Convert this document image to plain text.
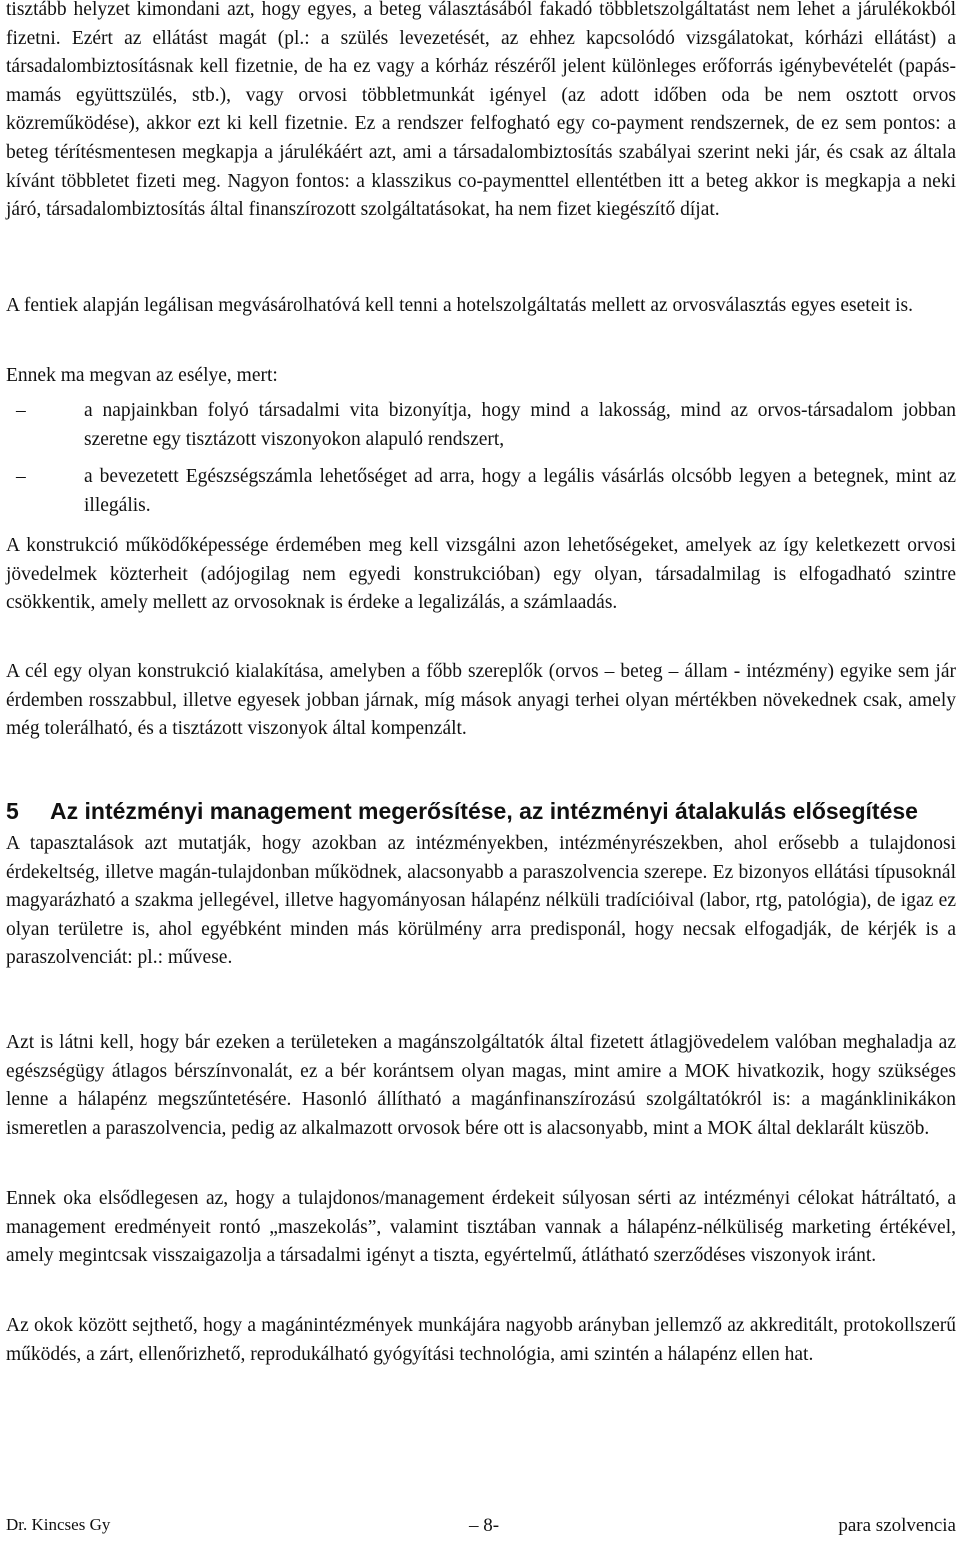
tisztább helyzet kimondani azt, hogy egyes, a beteg választásából fakadó többletszolgáltatást nem lehet a járulékokból fizetni. Ezért az ellátást magát (pl.: a szülés levezetését, az ehhez kapcsolódó vizsgálatokat, kórházi ellátást) a társadalombiztosításnak kell fizetnie, de ha ez vagy a kórház részéről jelent különleges erőforrás igénybevételét (papás-mamás együttszülés, stb.), vagy orvosi többletmunkát igényel (az adott időben oda be nem osztott orvos közreműködése), akkor ezt ki kell fizetnie. Ez a rendszer felfogható egy co-payment rendszernek, de ez sem pontos: a beteg térítésmentesen megkapja a járulékáért azt, ami a társadalombiztosítás szabályai szerint neki jár, és csak az általa kívánt többletet fizeti meg. Nagyon fontos: a klasszikus co-paymenttel ellentétben itt a beteg akkor is megkapja a neki járó, társadalombiztosítás által finanszírozott szolgáltatásokat, ha nem fizet kiegészítő díjat.

A fentiek alapján legálisan megvásárolhatóvá kell tenni a hotelszolgáltatás mellett az orvosválasztás egyes eseteit is.

Ennek ma megvan az esélye, mert:

–	a napjainkban folyó társadalmi vita bizonyítja, hogy mind a lakosság, mind az orvos-társadalom jobban szeretne egy tisztázott viszonyokon alapuló rendszert,
–	a bevezetett Egészségszámla lehetőséget ad arra, hogy a legális vásárlás olcsóbb legyen a betegnek, mint az illegális.

A konstrukció működőképessége érdemében meg kell vizsgálni azon lehetőségeket, amelyek az így keletkezett orvosi jövedelmek közterheit (adójogilag nem egyedi konstrukcióban) egy olyan, társadalmilag is elfogadható szintre csökkentik, amely mellett az orvosoknak is érdeke a legalizálás, a számlaadás.

A cél egy olyan konstrukció kialakítása, amelyben a főbb szereplők (orvos – beteg – állam - intézmény) egyike sem jár érdemben rosszabbul, illetve egyesek jobban járnak, míg mások anyagi terhei olyan mértékben növekednek csak, amely még tolerálható, és a tisztázott viszonyok által kompenzált.

5 Az intézményi management megerősítése, az intézményi átalakulás elősegítése

A tapasztalások azt mutatják, hogy azokban az intézményekben, intézményrészekben, ahol erősebb a tulajdonosi érdekeltség, illetve magán-tulajdonban működnek, alacsonyabb a paraszolvencia szerepe. Ez bizonyos ellátási típusoknál magyarázható a szakma jellegével, illetve hagyományosan hálapénz nélküli tradícióival (labor, rtg, patológia), de igaz ez olyan területre is, ahol egyébként minden más körülmény arra predisponál, hogy necsak elfogadják, de kérjék is a paraszolvenciát: pl.: művese.

Azt is látni kell, hogy bár ezeken a területeken a magánszolgáltatók által fizetett átlagjövedelem valóban meghaladja az egészségügy átlagos bérszínvonalát, ez a bér korántsem olyan magas, mint amire a MOK hivatkozik, hogy szükséges lenne a hálapénz megszűntetésére. Hasonló állítható a magánfinanszírozású szolgáltatókról is: a magánklinikákon ismeretlen a paraszolvencia, pedig az alkalmazott orvosok bére ott is alacsonyabb, mint a MOK által deklarált küszöb.

Ennek oka elsődlegesen az, hogy a tulajdonos/management érdekeit súlyosan sérti az intézményi célokat hátráltató, a management eredményeit rontó „maszekolás”, valamint tisztában vannak a hálapénz-nélküliség marketing értékével, amely megintcsak visszaigazolja a társadalmi igényt a tiszta, egyértelmű, átlátható szerződéses viszonyok iránt.

Az okok között sejthető, hogy a magánintézmények munkájára nagyobb arányban jellemző az akkreditált, protokollszerű működés, a zárt, ellenőrizhető, reprodukálható gyógyítási technológia, ami szintén a hálapénz ellen hat.

Dr. Kincses Gy	– 8-	para szolvencia
